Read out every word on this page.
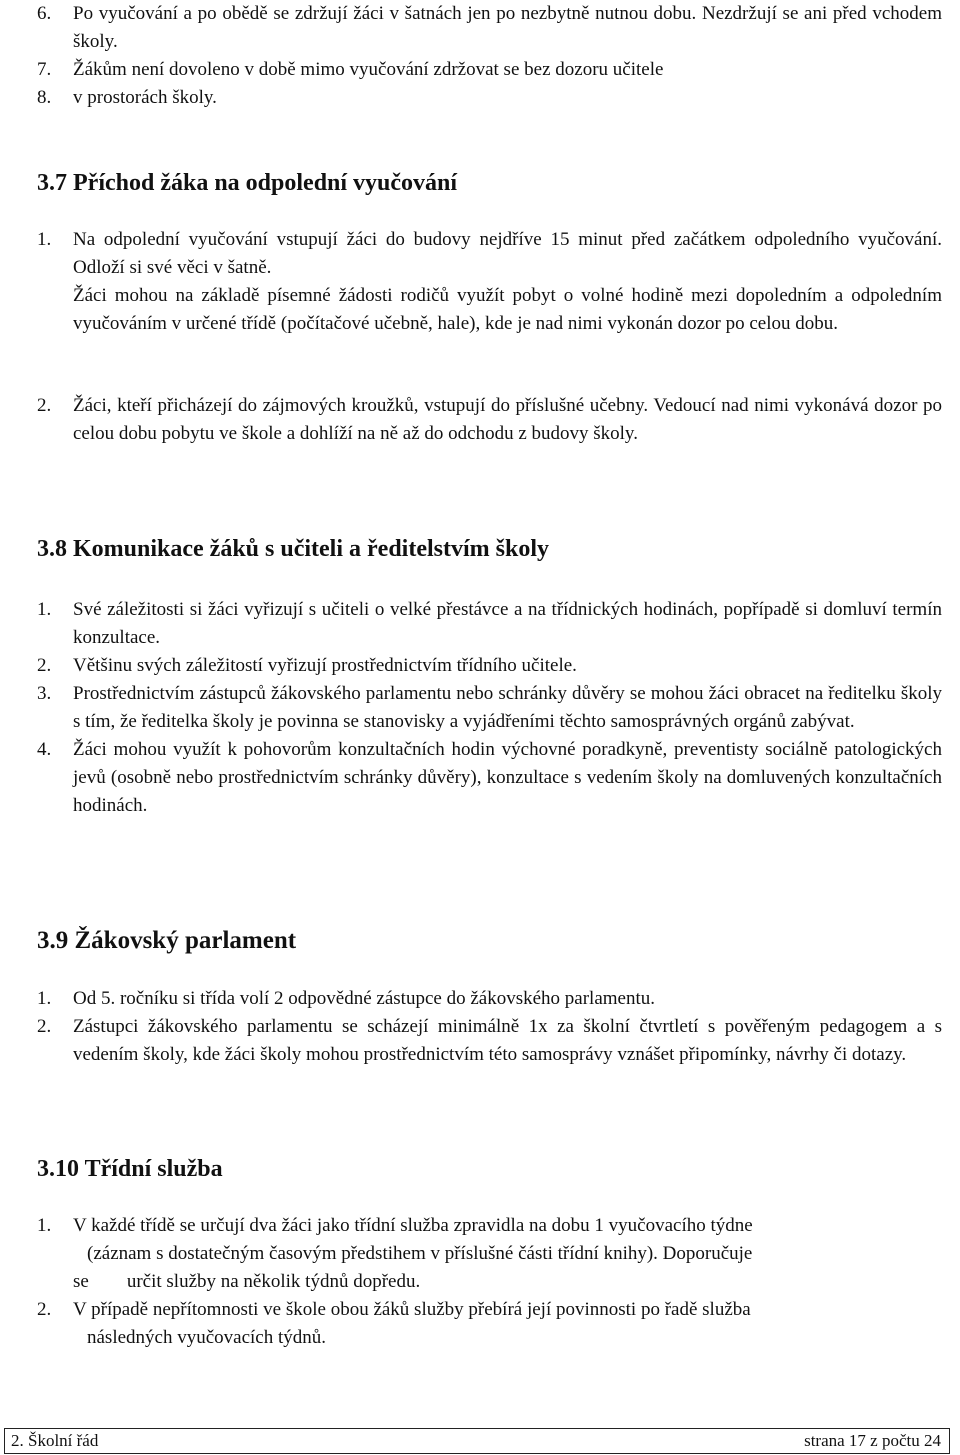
6. Po vyučování a po obědě se zdržují žáci v šatnách jen po nezbytně nutnou dobu. Nezdržují se ani před vchodem školy.
7. Žákům není dovoleno v době mimo vyučování zdržovat se bez dozoru učitele
8. v prostorách školy.
3.7 Příchod žáka na odpolední vyučování
1. Na odpolední vyučování vstupují žáci do budovy nejdříve 15 minut před začátkem odpoledního vyučování. Odloží si své věci v šatně.
Žáci mohou na základě písemné žádosti rodičů využít pobyt o volné hodině mezi dopoledním a odpoledním vyučováním v určené třídě (počítačové učebně, hale), kde je nad nimi vykonán dozor po celou dobu.
2. Žáci, kteří přicházejí do zájmových kroužků, vstupují do příslušné učebny. Vedoucí nad nimi vykonává dozor po celou dobu pobytu ve škole a dohlíží na ně až do odchodu z budovy školy.
3.8 Komunikace žáků s učiteli a ředitelstvím školy
1. Své záležitosti si žáci vyřizují s učiteli o velké přestávce a na třídnických hodinách, popřípadě si domluví termín konzultace.
2. Většinu svých záležitostí vyřizují prostřednictvím třídního učitele.
3. Prostřednictvím zástupců žákovského parlamentu nebo schránky důvěry se mohou žáci obracet na ředitelku školy s tím, že ředitelka školy je povinna se stanovisky a vyjádřeními těchto samosprávných orgánů zabývat.
4. Žáci mohou využít k pohovorům konzultačních hodin výchovné poradkyně, preventisty sociálně patologických jevů (osobně nebo prostřednictvím schránky důvěry), konzultace s vedením školy na domluvených konzultačních hodinách.
3.9 Žákovský parlament
1. Od 5. ročníku si třída volí 2 odpovědné zástupce do žákovského parlamentu.
2. Zástupci žákovského parlamentu se scházejí minimálně 1x za školní čtvrtletí s pověřeným pedagogem a s vedením školy, kde žáci školy mohou prostřednictvím této samosprávy vznášet připomínky, návrhy či dotazy.
3.10 Třídní služba
1. V každé třídě se určují dva žáci jako třídní služba zpravidla na dobu 1 vyučovacího týdne
(záznam s dostatečným časovým předstihem v příslušné části třídní knihy). Doporučuje
se        určit služby na několik týdnů dopředu.
2. V případě nepřítomnosti ve škole obou žáků služby přebírá její povinnosti po řadě služba
následných vyučovacích týdnů.
2. Školní řád	strana 17 z počtu 24
